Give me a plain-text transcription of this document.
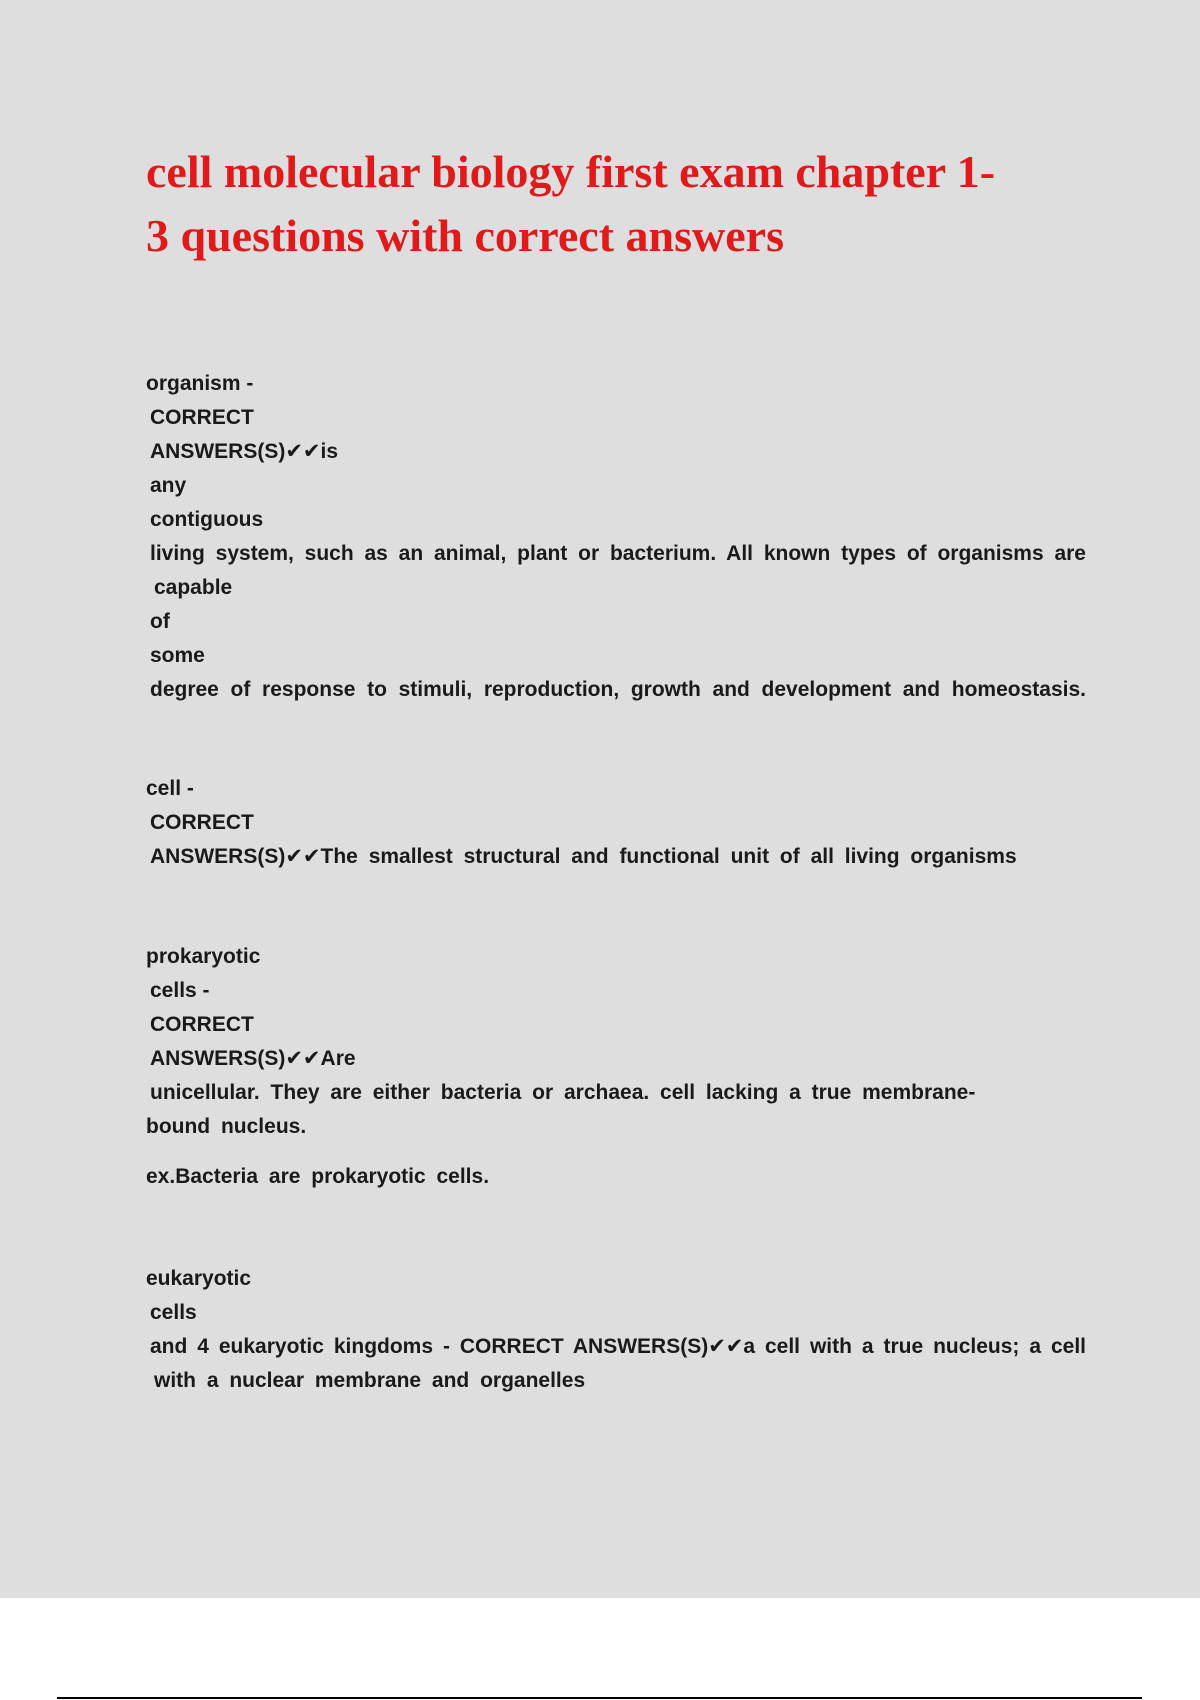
cell molecular biology first exam chapter 1-
3 questions with correct answers
organism -
CORRECT
ANSWERS(S)✔✔is
any
contiguous
living system, such as an animal, plant or bacterium. All known types of organisms are
capable
of
some
degree of response to stimuli, reproduction, growth and development and homeostasis.
cell -
CORRECT
ANSWERS(S)✔✔The smallest structural and functional unit of all living organisms
prokaryotic
cells -
CORRECT
ANSWERS(S)✔✔Are
unicellular. They are either bacteria or archaea. cell lacking a true membrane-
bound nucleus.
ex.Bacteria are prokaryotic cells.
eukaryotic
cells
and 4 eukaryotic kingdoms - CORRECT ANSWERS(S)✔✔a cell with a true nucleus; a cell
with a nuclear membrane and organelles
